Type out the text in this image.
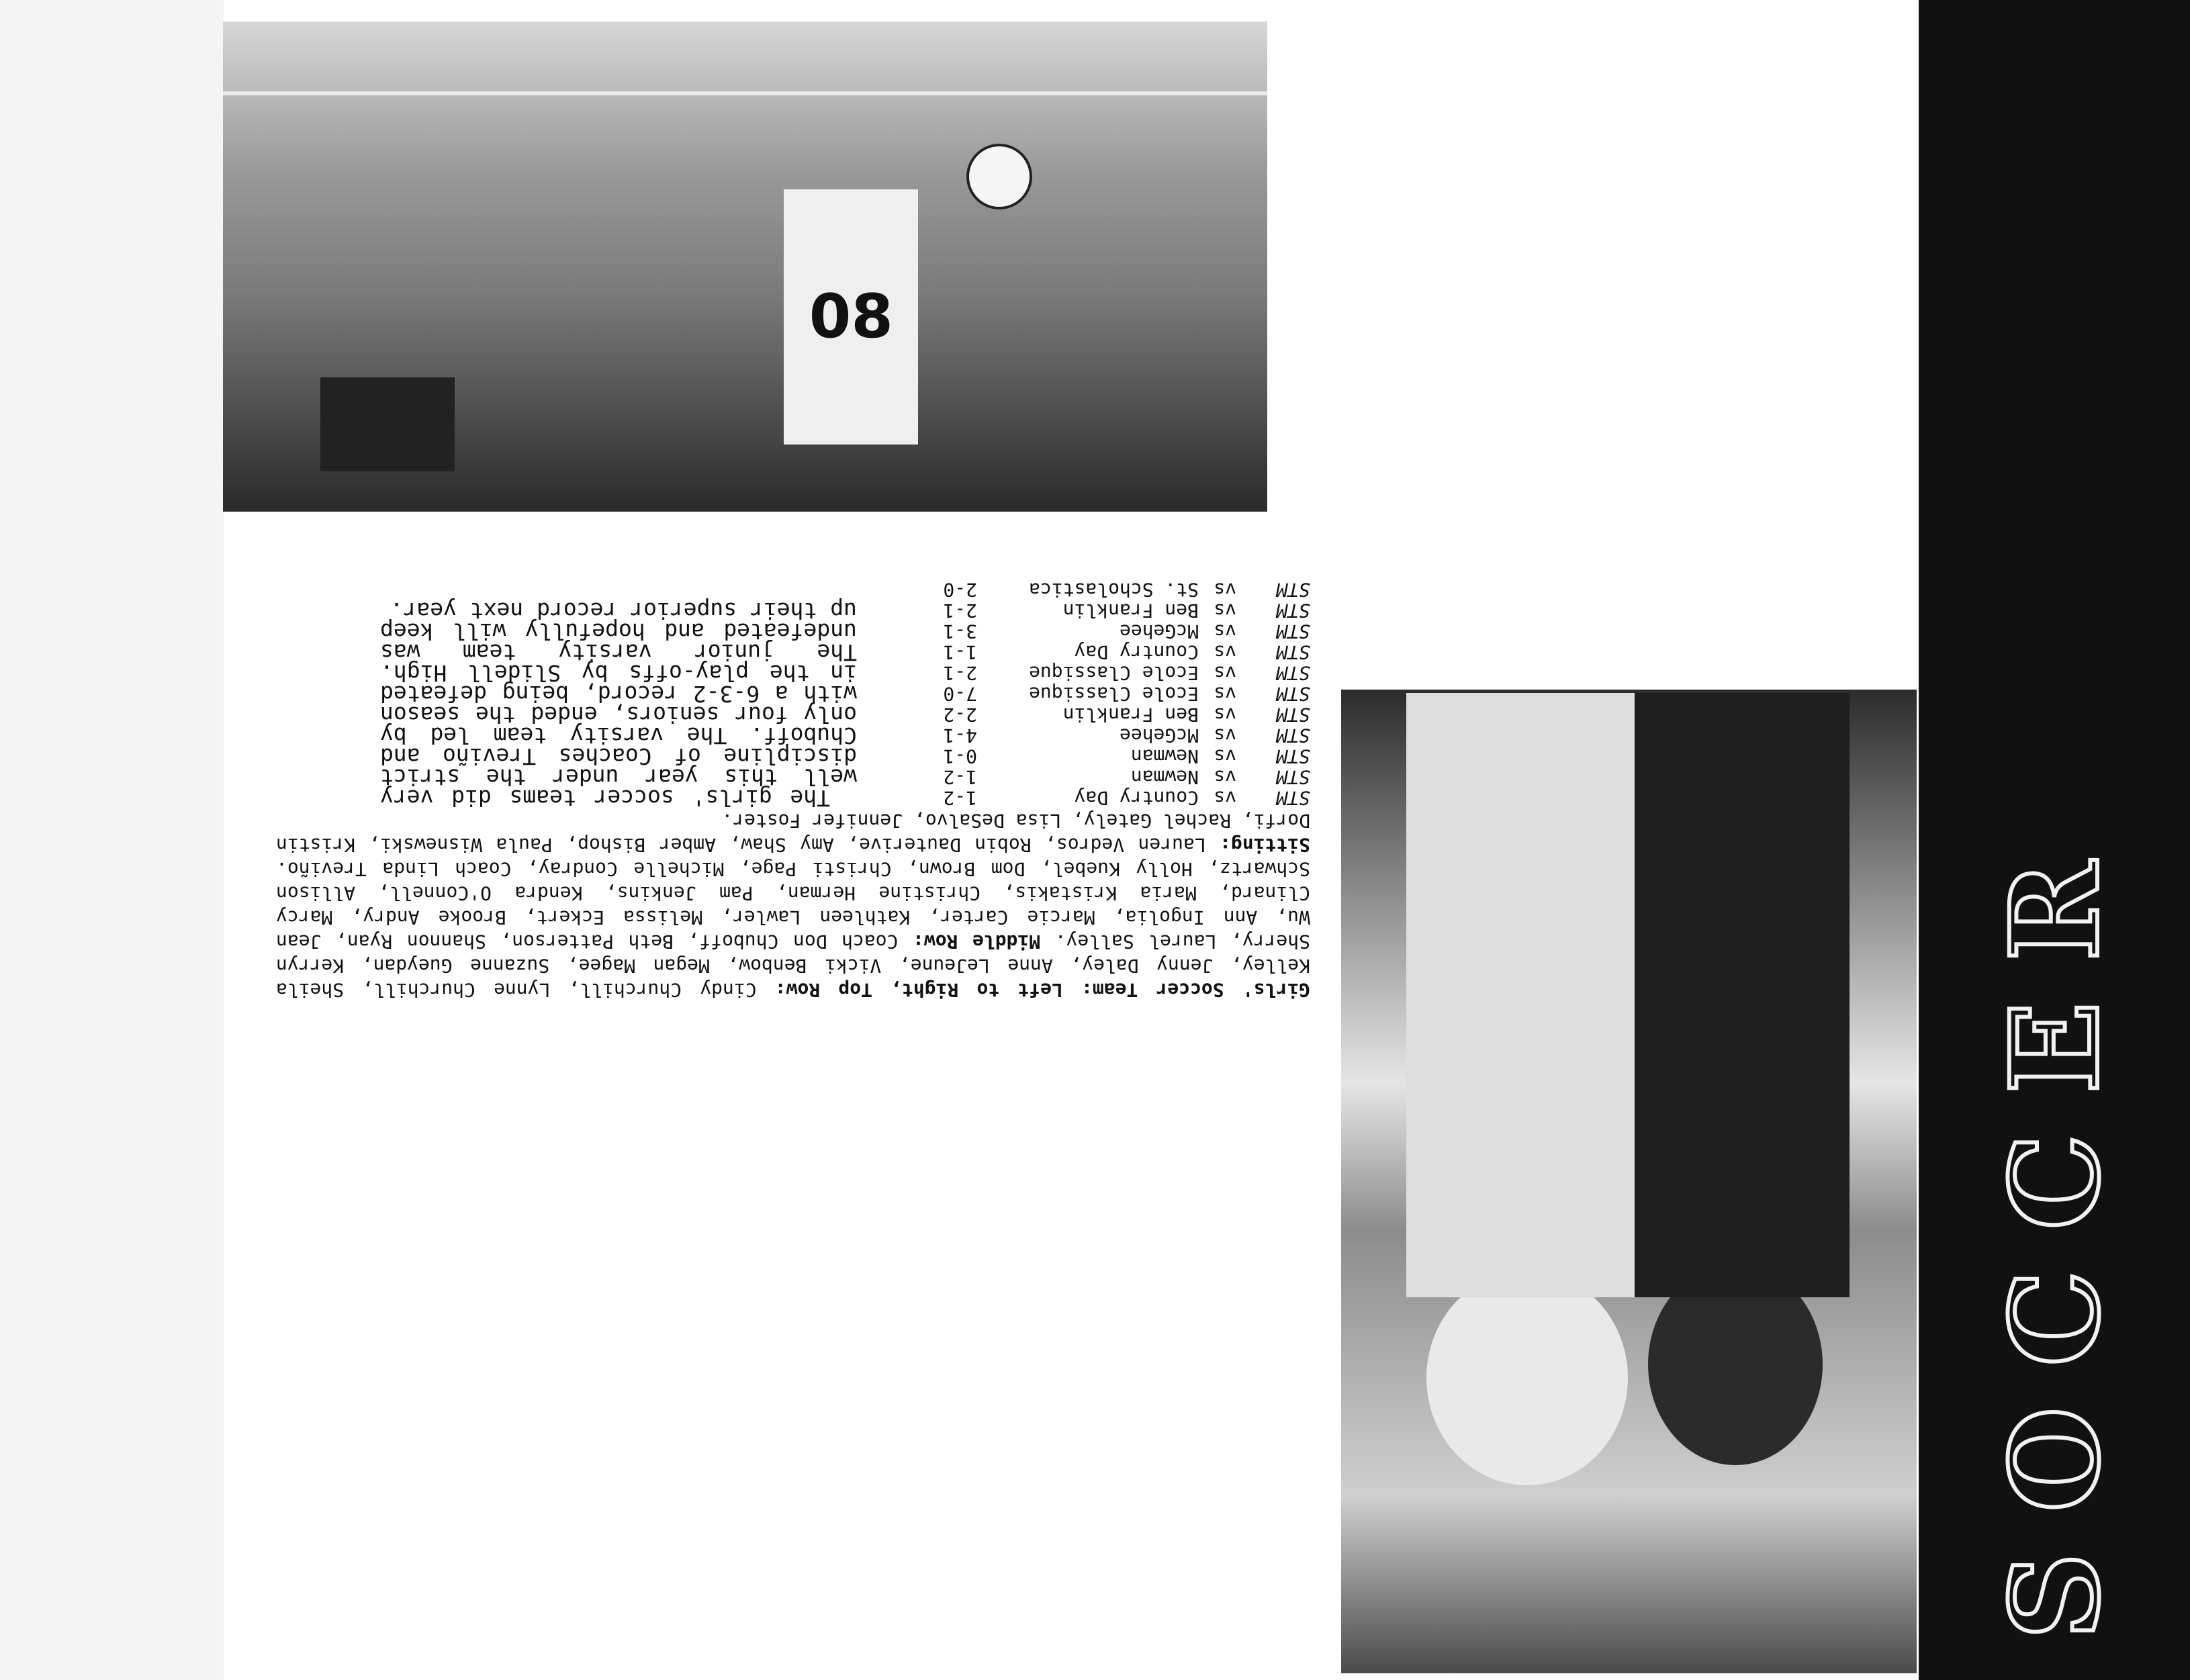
SOCCER
08
Girls' Soccer Team: Left to Right, Top Row: Cindy Churchill, Lynne Churchill, Sheila Kelley, Jenny Daley, Anne LeJeune, Vicki Benbow, Megan Magee, Suzanne Gueydan, Kerryn Sherry, Laurel Salley. Middle Row: Coach Don Chuboff, Beth Patterson, Shannon Ryan, Jean Wu, Ann Ingolia, Marcie Carter, Kathleen Lawler, Melissa Eckert, Brooke Andry, Marcy Clinard, Maria Kristakis, Christine Herman, Pam Jenkins, Kendra O'Connell, Allison Schwartz, Holly Kuebel, Dom Brown, Christi Page, Michelle Condray, Coach Linda Treviño. Sitting: Lauren Vedros, Robin Dauterive, Amy Shaw, Amber Bishop, Paula Wisnewski, Kristin Dorfi, Rachel Gately, Lisa DeSalvo, Jennifer Foster.
STM
vs
Country Day
1-2
STM
vs
Newman
1-2
STM
vs
Newman
0-1
STM
vs
McGehee
4-1
STM
vs
Ben Franklin
2-2
STM
vs
Ecole Classique
7-0
STM
vs
Ecole Classique
2-1
STM
vs
Country Day
1-1
STM
vs
McGehee
3-1
STM
vs
Ben Franklin
2-1
STM
vs
St. Scholastica
2-0
The girls' soccer teams did very well this year under the strict discipline of Coaches Treviño and Chuboff. The varsity team led by only four seniors, ended the season with a 6-3-2 record, being defeated in the play-offs by Slidell High. The junior varsity team was undefeated and hopefully will keep up their superior record next year.
